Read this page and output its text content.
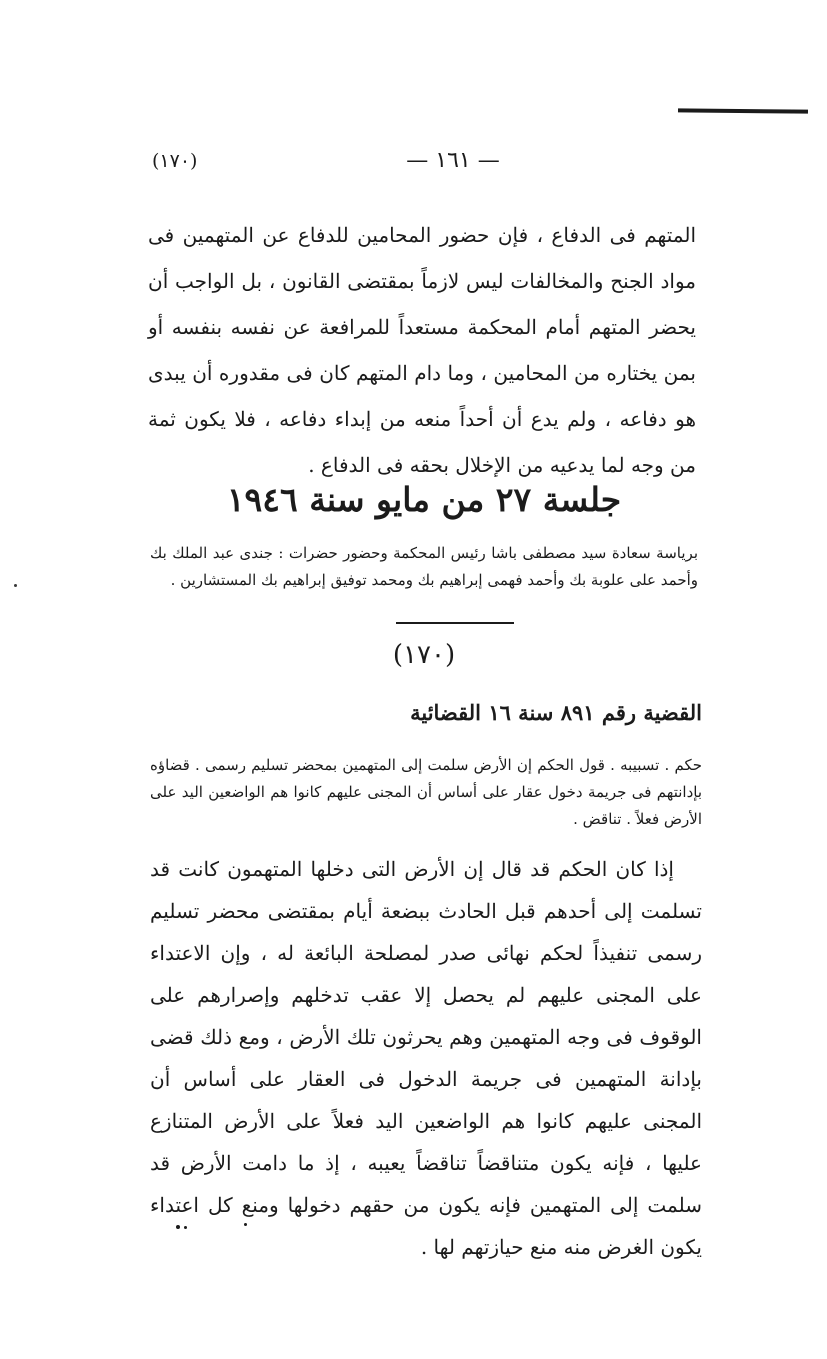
— ١٦١ —
(١٧٠)

المتهم فى الدفاع ، فإن حضور المحامين للدفاع عن المتهمين فى مواد الجنح والمخالفات ليس لازماً بمقتضى القانون ، بل الواجب أن يحضر المتهم أمام المحكمة مستعداً للمرافعة عن نفسه بنفسه أو بمن يختاره من المحامين ، وما دام المتهم كان فى مقدوره أن يبدى هو دفاعه ، ولم يدع أن أحداً منعه من إبداء دفاعه ، فلا يكون ثمة من وجه لما يدعيه من الإخلال بحقه فى الدفاع .

جلسة ٢٧ من مايو سنة ١٩٤٦
برياسة سعادة سيد مصطفى باشا رئيس المحكمة وحضور حضرات : جندى عبد الملك بك وأحمد على علوبة بك وأحمد فهمى إبراهيم بك ومحمد توفيق إبراهيم بك المستشارين .
(١٧٠)
القضية رقم ٨٩١ سنة ١٦ القضائية
حكم . تسبيبه . قول الحكم إن الأرض سلمت إلى المتهمين بمحضر تسليم رسمى . قضاؤه بإدانتهم فى جريمة دخول عقار على أساس أن المجنى عليهم كانوا هم الواضعين اليد على الأرض فعلاً . تناقض .

إذا كان الحكم قد قال إن الأرض التى دخلها المتهمون كانت قد تسلمت إلى أحدهم قبل الحادث ببضعة أيام بمقتضى محضر تسليم رسمى تنفيذاً لحكم نهائى صدر لمصلحة البائعة له ، وإن الاعتداء على المجنى عليهم لم يحصل إلا عقب تدخلهم وإصرارهم على الوقوف فى وجه المتهمين وهم يحرثون تلك الأرض ، ومع ذلك قضى بإدانة المتهمين فى جريمة الدخول فى العقار على أساس أن المجنى عليهم كانوا هم الواضعين اليد فعلاً على الأرض المتنازع عليها ، فإنه يكون متناقضاً تناقضاً يعيبه ، إذ ما دامت الأرض قد سلمت إلى المتهمين فإنه يكون من حقهم دخولها ومنع كل اعتداء يكون الغرض منه منع حيازتهم لها .
